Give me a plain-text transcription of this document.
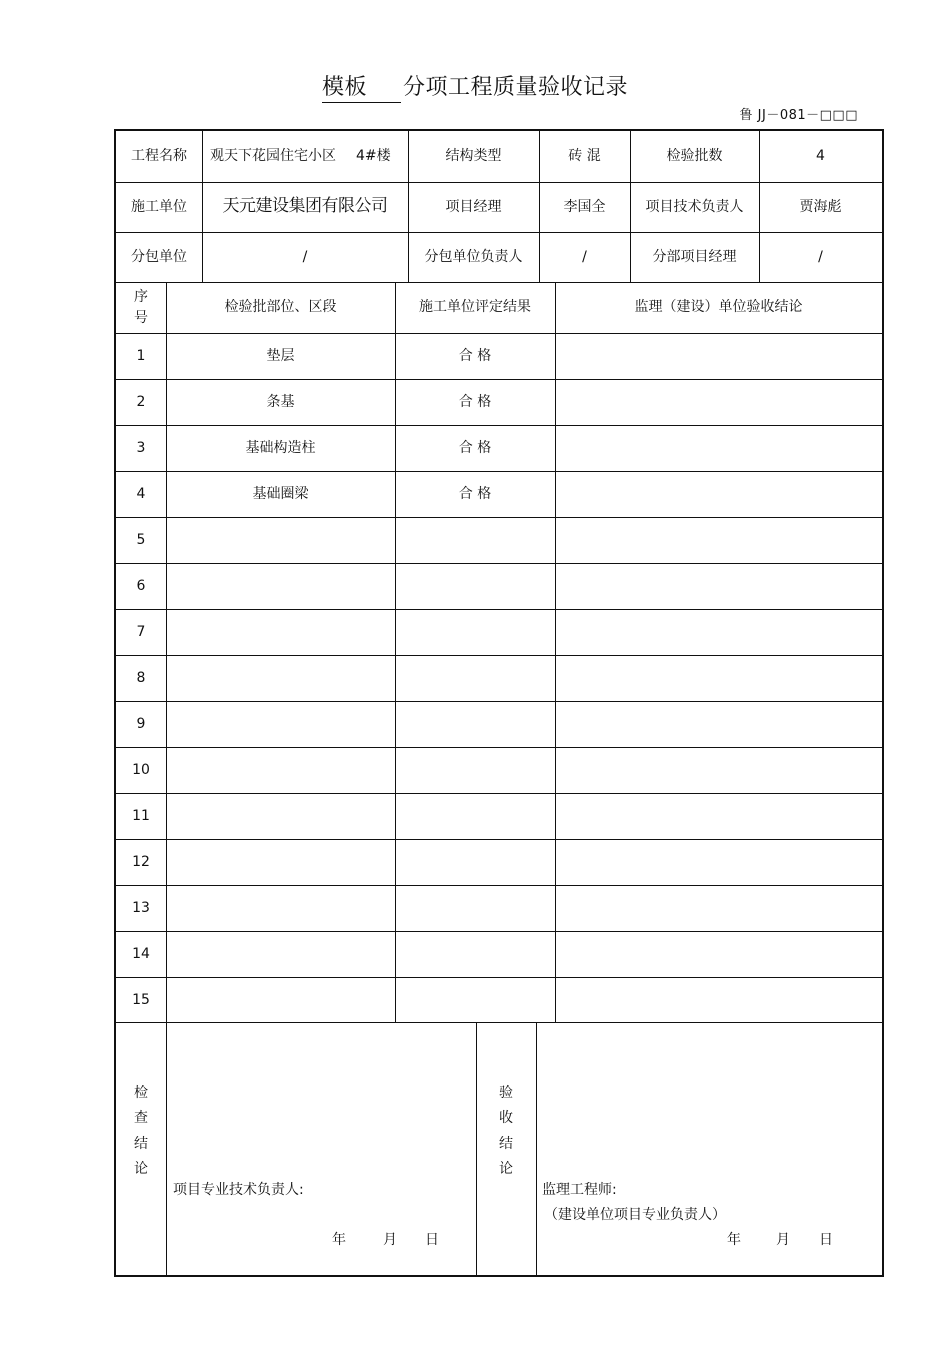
模板 分项工程质量验收记录
鲁 JJ－081－□□□
工程名称	观天下花园住宅小区 4#楼	结构类型	砖 混	检验批数	4
施工单位	天元建设集团有限公司	项目经理	李国全	项目技术负责人	贾海彪
分包单位	/	分包单位负责人	/	分部项目经理	/
序
号
检验批部位、区段	施工单位评定结果	监理（建设）单位验收结论
1	垫层	合 格
2	条基	合 格
3	基础构造柱	合 格
4	基础圈梁	合 格
5
6
7
8
9
10
11
12
13
14
15
检
查
结
论
项目专业技术负责人:
年	月 日
验
收
结
论
监理工程师:
（建设单位项目专业负责人）
年	月 日
